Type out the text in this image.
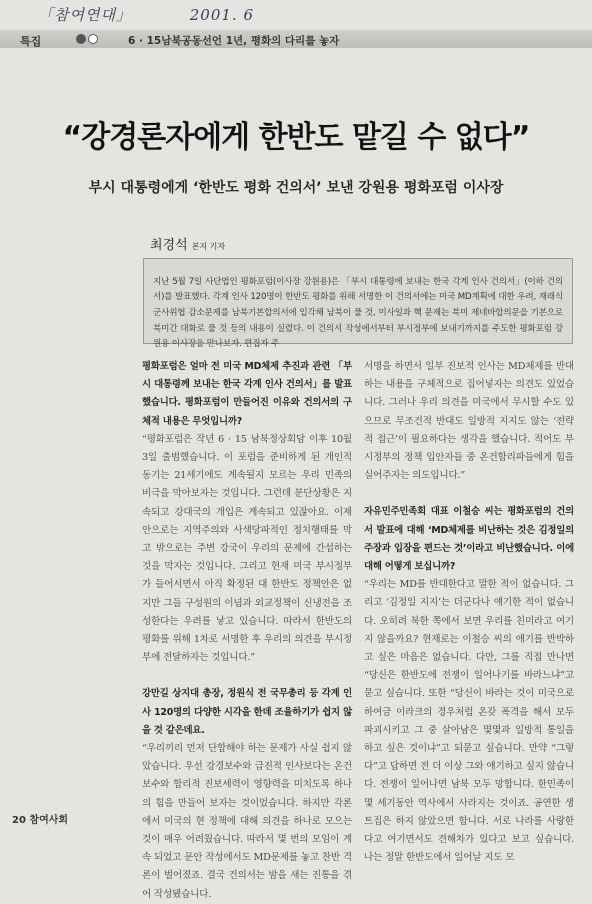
「참여연대」	2001. 6
특집	6 · 15남북공동선언 1년, 평화의 다리를 놓자
“강경론자에게 한반도 맡길 수 없다”
부시 대통령에게 ‘한반도 평화 건의서’ 보낸 강원용 평화포럼 이사장
최경석 본지 기자

지난 5월 7일 사단법인 평화포럼(이사장 강원용)은 「부시 대통령에 보내는 한국 각계 인사 건의서」(이하 건의서)를 발표했다. 각계 인사 120명이 한반도 평화를 위해 서명한 이 건의서에는 미국 MD계획에 대한 우려, 재래식 군사위협 감소문제를 남북기본합의서에 입각해 남북이 풀 것, 미사일과 핵 문제는 북미 제네바합의문을 기본으로 북미간 대화로 풀 것 등의 내용이 실렸다. 이 건의서 작성에서부터 부시정부에 보내기까지를 주도한 평화포럼 강원용 이사장을 만나보자. 편집자 주

평화포럼은 얼마 전 미국 MD체제 추진과 관련 「부시 대통령께 보내는 한국 각계 인사 건의서」를 발표했습니다. 평화포럼이 만들어진 이유와 건의서의 구체적 내용은 무엇입니까?

“평화포럼은 작년 6 · 15 남북정상회담 이후 10월 3일 출범했습니다. 이 포럼을 준비하게 된 개인적 동기는 21세기에도 계속될지 모르는 우리 민족의 비극을 막아보자는 것입니다. 그런데 분단상황은 지속되고 강대국의 개입은 계속되고 있잖아요. 이제 안으로는 지역주의와 사색당파적인 정치행태를 막고 밖으로는 주변 강국이 우리의 문제에 간섭하는 것을 막자는 것입니다. 그리고 현재 미국 부시정부가 들어서면서 아직 확정된 대 한반도 정책안은 없지만 그들 구성원의 이념과 외교정책이 신냉전을 조성한다는 우려를 낳고 있습니다. 따라서 한반도의 평화를 위해 1차로 서명한 후 우리의 의견을 부시정부에 전달하자는 것입니다.”

강만길 상지대 총장, 정원식 전 국무총리 등 각계 인사 120명의 다양한 시각을 한데 조율하기가 쉽지 않을 것 같은데요.

“우리끼리 먼저 단합해야 하는 문제가 사실 쉽지 않았습니다. 우선 강경보수와 급진적 인사보다는 온건보수와 합리적 진보세력이 영향력을 미치도록 하나의 힘을 만들어 보자는 것이었습니다. 하지만 각론에서 미국의 현 정책에 대해 의견을 하나로 모으는 것이 매우 어려웠습니다. 따라서 몇 번의 모임이 계속 되었고 문안 작성에서도 MD문제를 놓고 찬반 격론이 벌어졌죠. 결국 건의서는 밤을 새는 진통을 겪어 작성됐습니다.

서명을 하면서 일부 진보적 인사는 MD체제를 반대하는 내용을 구체적으로 집어넣자는 의견도 있었습니다. 그러나 우리 의견을 미국에서 무시할 수도 있으므로 무조건적 반대도 일방적 지지도 않는 ‘전략적 접근’이 필요하다는 생각을 했습니다. 적어도 부시정부의 정책 입안자들 중 온건합리파들에게 힘을 실어주자는 의도입니다.”

자유민주민족회 대표 이철승 씨는 평화포럼의 건의서 발표에 대해 ‘MD체제를 비난하는 것은 김정일의 주장과 입장을 편드는 것’이라고 비난했습니다. 이에 대해 어떻게 보십니까?

“우리는 MD를 반대한다고 말한 적이 없습니다. 그리고 ‘김정일 지지’는 더군다나 얘기한 적이 없습니다. 오히려 북한 쪽에서 보면 우리를 친미라고 여기지 않을까요? 현재로는 이철승 씨의 얘기를 반박하고 싶은 마음은 없습니다. 다만, 그를 직접 만나면 “당신은 한반도에 전쟁이 일어나기를 바라느냐”고 묻고 싶습니다. 또한 “당신이 바라는 것이 미국으로 하여금 이라크의 경우처럼 온갖 폭격을 해서 모두 파괴시키고 그 중 살아남은 몇몇과 일방적 통일을 하고 싶은 것이냐”고 되묻고 싶습니다. 만약 “그렇다”고 답하면 전 더 이상 그와 얘기하고 싶지 않습니다. 전쟁이 일어나면 남북 모두 망합니다. 한민족이 몇 세기동안 역사에서 사라지는 것이죠. 공연한 생트집은 하지 않았으면 합니다. 서로 나라를 사랑한다고 여기면서도 견해차가 있다고 보고 싶습니다. 나는 정말 한반도에서 일어날 지도 모

20 참여사회
